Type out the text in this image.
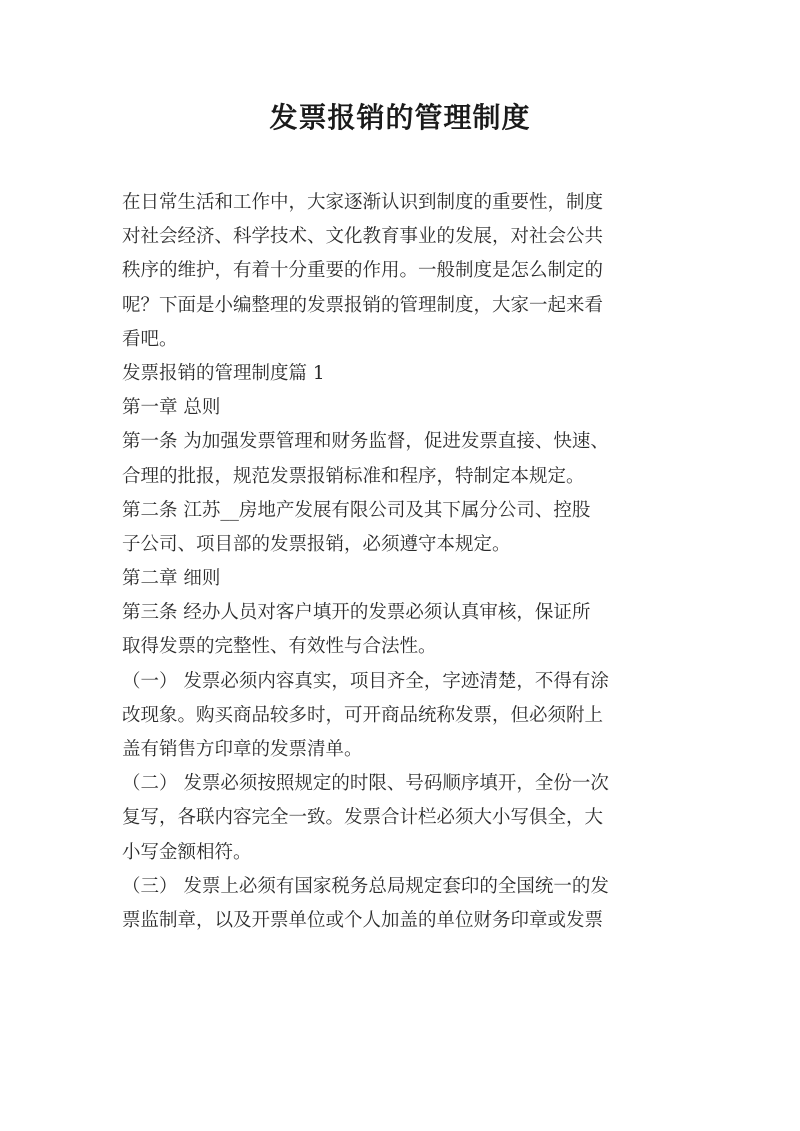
发票报销的管理制度
在日常生活和工作中，大家逐渐认识到制度的重要性，制度
对社会经济、科学技术、文化教育事业的发展，对社会公共
秩序的维护，有着十分重要的作用。一般制度是怎么制定的
呢？下面是小编整理的发票报销的管理制度，大家一起来看
看吧。
发票报销的管理制度篇 1
第一章 总则
第一条 为加强发票管理和财务监督，促进发票直接、快速、
合理的批报，规范发票报销标准和程序，特制定本规定。
第二条 江苏__房地产发展有限公司及其下属分公司、控股
子公司、项目部的发票报销，必须遵守本规定。
第二章 细则
第三条 经办人员对客户填开的发票必须认真审核，保证所
取得发票的完整性、有效性与合法性。
（一） 发票必须内容真实，项目齐全，字迹清楚，不得有涂
改现象。购买商品较多时，可开商品统称发票，但必须附上
盖有销售方印章的发票清单。
（二） 发票必须按照规定的时限、号码顺序填开，全份一次
复写，各联内容完全一致。发票合计栏必须大小写俱全，大
小写金额相符。
（三） 发票上必须有国家税务总局规定套印的全国统一的发
票监制章，以及开票单位或个人加盖的单位财务印章或发票
